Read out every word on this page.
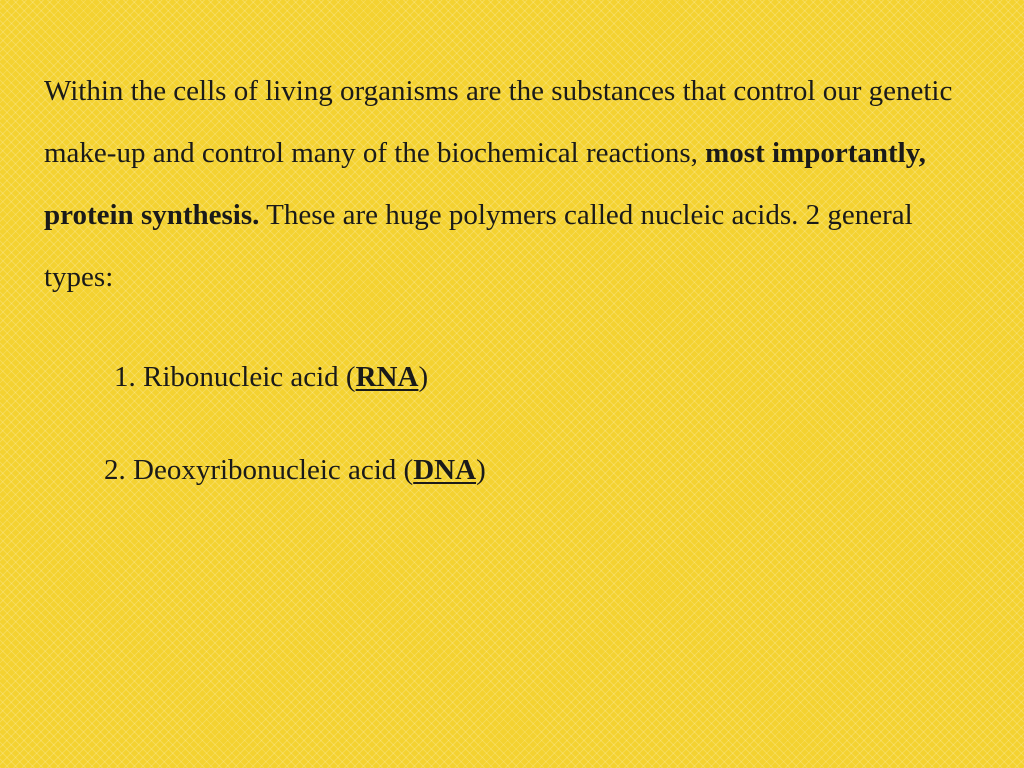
Within the cells of living organisms are the substances that control our genetic make-up and control many of the biochemical reactions, most importantly, protein synthesis. These are huge polymers called nucleic acids. 2 general types:

1. Ribonucleic acid (RNA)

2. Deoxyribonucleic acid (DNA)
